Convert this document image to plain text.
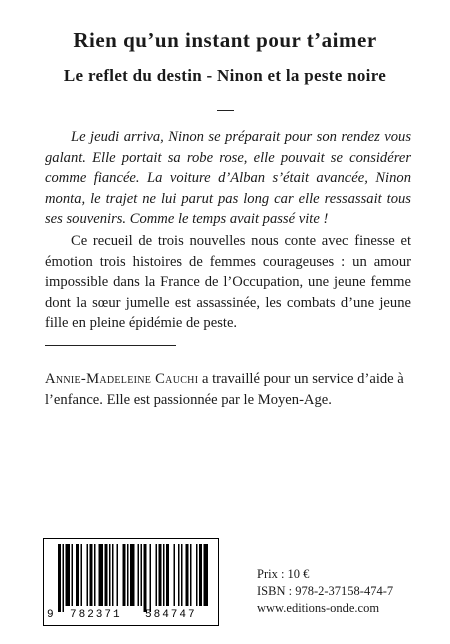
Rien qu’un instant pour t’aimer
Le reflet du destin - Ninon et la peste noire

Le jeudi arriva, Ninon se préparait pour son rendez vous galant. Elle portait sa robe rose, elle pouvait se considérer comme fiancée. La voiture d’Alban s’était avancée, Ninon monta, le trajet ne lui parut pas long car elle ressassait tous ses souvenirs. Comme le temps avait passé vite !

Ce recueil de trois nouvelles nous conte avec finesse et émotion trois histoires de femmes courageuses : un amour impossible dans la France de l’Occupation, une jeune femme dont la sœur jumelle est assassinée, les combats d’une jeune fille en pleine épidémie de peste.

Annie-Madeleine Cauchi a travaillé pour un service d’aide à l’enfance. Elle est passionnée par le Moyen-Age.

9 782371 584747
Prix : 10 €
ISBN : 978-2-37158-474-7
www.editions-onde.com
